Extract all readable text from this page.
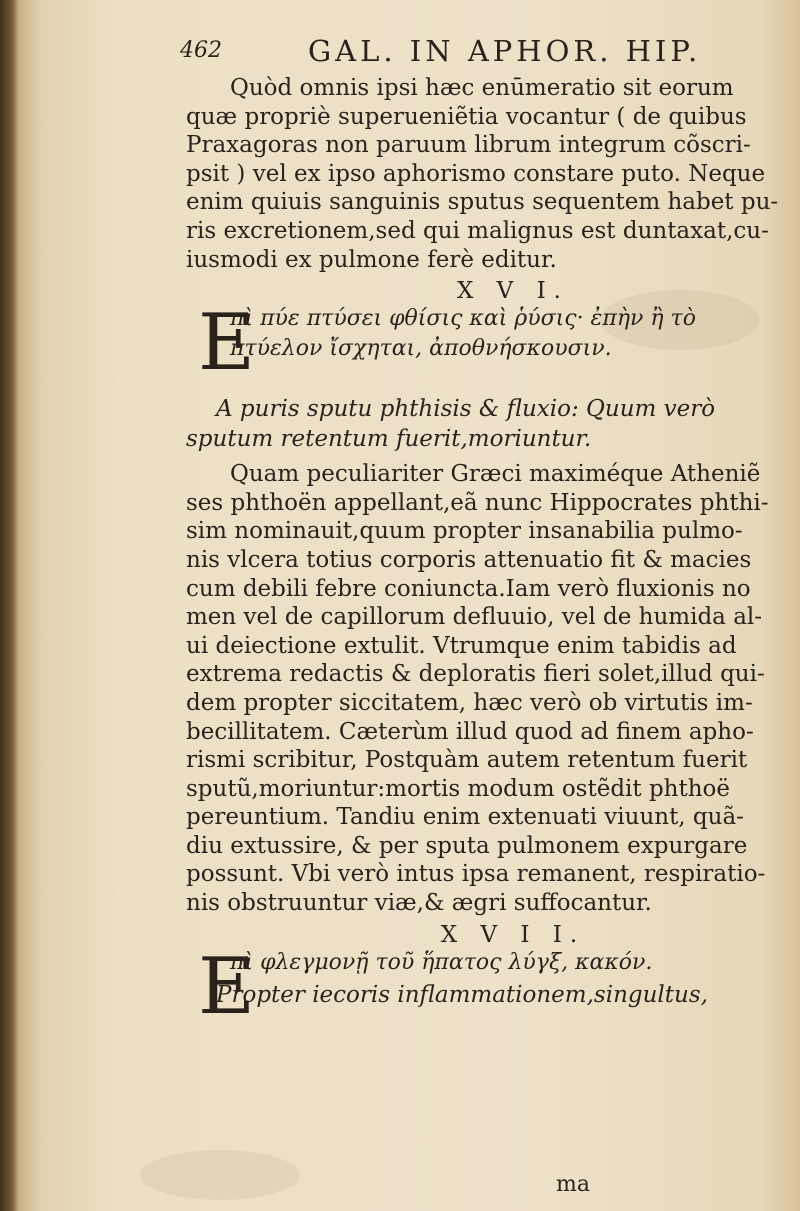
462	GAL. IN APHOR. HIP.

Quòd omnis ipsi hæc enūmeratio sit eorum
quæ propriè superueniẽtia vocantur ( de quibus
Praxagoras non paruum librum integrum cõscri-
psit ) vel ex ipso aphorismo constare puto. Neque
enim quiuis sanguinis sputus sequentem habet pu-
ris excretionem,sed qui malignus est duntaxat,cu-
iusmodi ex pulmone ferè editur.

X V I.
E
πὶ πύε πτύσει φθίσις καὶ ῥύσις· ἐπὴν ἢ τὸ
πτύελον ἴσχηται, ἀποθνήσκουσιν.
A puris sputu phthisis & fluxio: Quum verò
sputum retentum fuerit,moriuntur.

Quam peculiariter Græci maximéque Atheniẽ
ses phthoën appellant,eã nunc Hippocrates phthi-
sim nominauit,quum propter insanabilia pulmo-
nis vlcera totius corporis attenuatio fit & macies
cum debili febre coniuncta.Iam verò fluxionis no
men vel de capillorum defluuio, vel de humida al-
ui deiectione extulit. Vtrumque enim tabidis ad
extrema redactis & deploratis fieri solet,illud qui-
dem propter siccitatem, hæc verò ob virtutis im-
becillitatem. Cæterùm illud quod ad finem apho-
rismi scribitur, Postquàm autem retentum fuerit
sputũ,moriuntur:mortis modum ostẽdit phthoë
pereuntium. Tandiu enim extenuati viuunt, quã-
diu extussire, & per sputa pulmonem expurgare
possunt. Vbi verò intus ipsa remanent, respiratio-
nis obstruuntur viæ,& ægri suffocantur.

X V I I.
E
πὶ φλεγμονῇ τοῦ ἥπατος λύγξ, κακόν.
Propter iecoris inflammationem,singultus,
ma
